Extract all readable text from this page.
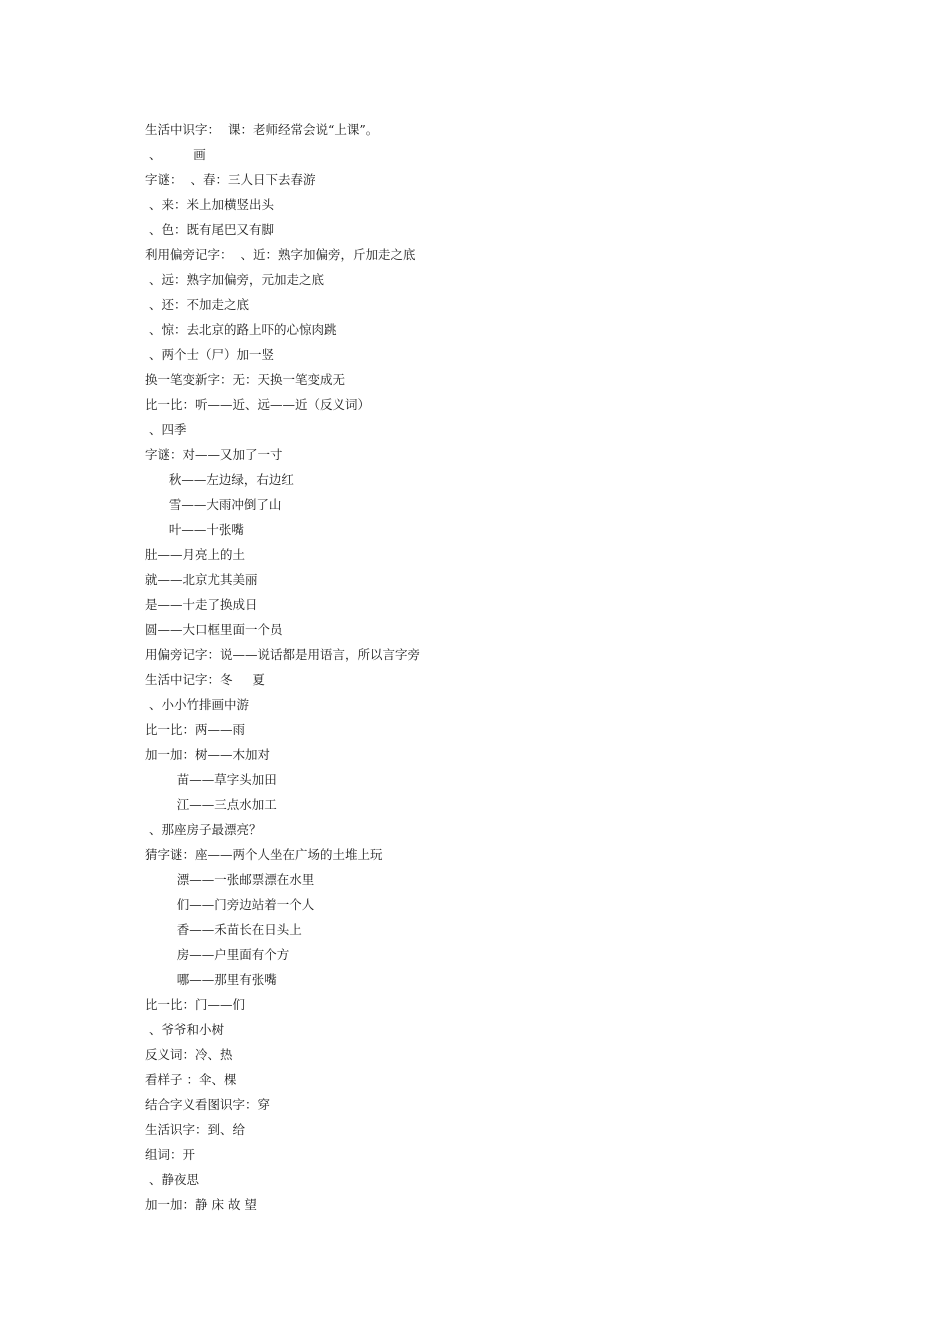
生活中识字：  课：老师经常会说“上课”。
、        画
字谜：  、春：三人日下去春游
、来：米上加横竖出头
、色：既有尾巴又有脚
利用偏旁记字：  、近：熟字加偏旁，斤加走之底
、远：熟字加偏旁，元加走之底
、还：不加走之底
、惊：去北京的路上吓的心惊肉跳
、两个士（尸）加一竖
换一笔变新字：无：天换一笔变成无
比一比：听——近、远——近（反义词）
、四季
字谜：对——又加了一寸
秋——左边绿，右边红
雪——大雨冲倒了山
叶——十张嘴
肚——月亮上的土
就——北京尤其美丽
是——十走了换成日
圆——大口框里面一个员
用偏旁记字：说——说话都是用语言，所以言字旁
生活中记字：冬     夏
、小小竹排画中游
比一比：两——雨
加一加：树——木加对
苗——草字头加田
江——三点水加工
、那座房子最漂亮？
猜字谜：座——两个人坐在广场的土堆上玩
漂——一张邮票漂在水里
们——门旁边站着一个人
香——禾苗长在日头上
房——户里面有个方
哪——那里有张嘴
比一比：门——们
、爷爷和小树
反义词：冷、热
看样子 ：伞、棵
结合字义看图识字：穿
生活识字：到、给
组词：开
、静夜思
加一加：静 床 故 望
